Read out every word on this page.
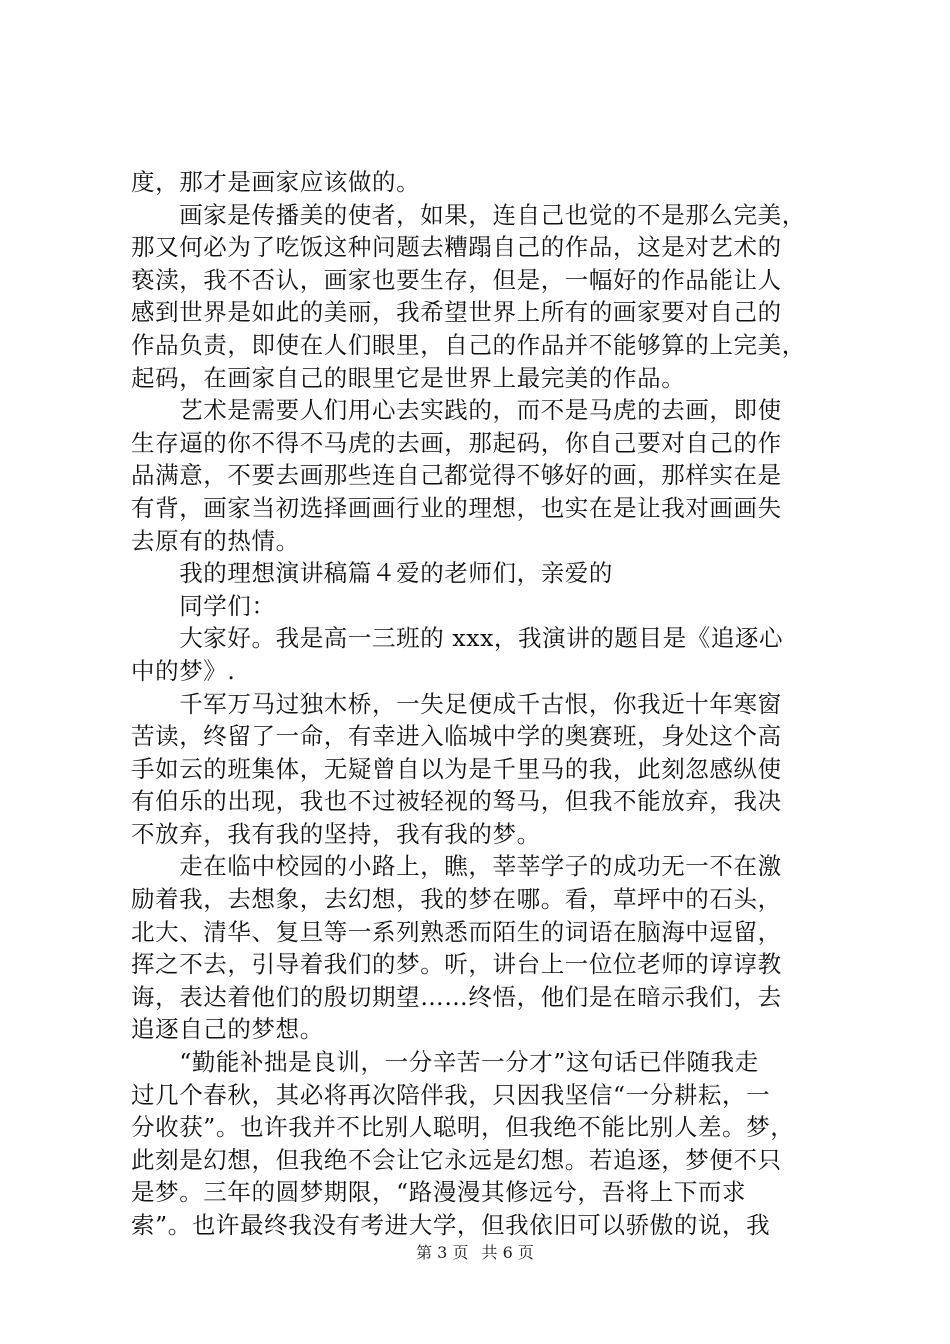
度，那才是画家应该做的。
　　画家是传播美的使者，如果，连自己也觉的不是那么完美，
那又何必为了吃饭这种问题去糟蹋自己的作品，这是对艺术的
亵渎，我不否认，画家也要生存，但是，一幅好的作品能让人
感到世界是如此的美丽，我希望世界上所有的画家要对自己的
作品负责，即使在人们眼里，自己的作品并不能够算的上完美，
起码，在画家自己的眼里它是世界上最完美的作品。
　　艺术是需要人们用心去实践的，而不是马虎的去画，即使
生存逼的你不得不马虎的去画，那起码，你自己要对自己的作
品满意，不要去画那些连自己都觉得不够好的画，那样实在是
有背，画家当初选择画画行业的理想，也实在是让我对画画失
去原有的热情。
　　我的理想演讲稿篇４爱的老师们，亲爱的
　　同学们：
　　大家好。我是高一三班的 xxx，我演讲的题目是《追逐心
中的梦》.
　　千军万马过独木桥，一失足便成千古恨，你我近十年寒窗
苦读，终留了一命，有幸进入临城中学的奥赛班，身处这个高
手如云的班集体，无疑曾自以为是千里马的我，此刻忽感纵使
有伯乐的出现，我也不过被轻视的驽马，但我不能放弃，我决
不放弃，我有我的坚持，我有我的梦。
　　走在临中校园的小路上，瞧，莘莘学子的成功无一不在激
励着我，去想象，去幻想，我的梦在哪。看，草坪中的石头，
北大、清华、复旦等一系列熟悉而陌生的词语在脑海中逗留，
挥之不去，引导着我们的梦。听，讲台上一位位老师的谆谆教
诲，表达着他们的殷切期望……终悟，他们是在暗示我们，去
追逐自己的梦想。
　　“勤能补拙是良训，一分辛苦一分才”这句话已伴随我走
过几个春秋，其必将再次陪伴我，只因我坚信“一分耕耘，一
分收获”。也许我并不比别人聪明，但我绝不能比别人差。梦，
此刻是幻想，但我绝不会让它永远是幻想。若追逐，梦便不只
是梦。三年的圆梦期限，“路漫漫其修远兮，吾将上下而求
索”。也许最终我没有考进大学，但我依旧可以骄傲的说，我
第 3 页 共 6 页
